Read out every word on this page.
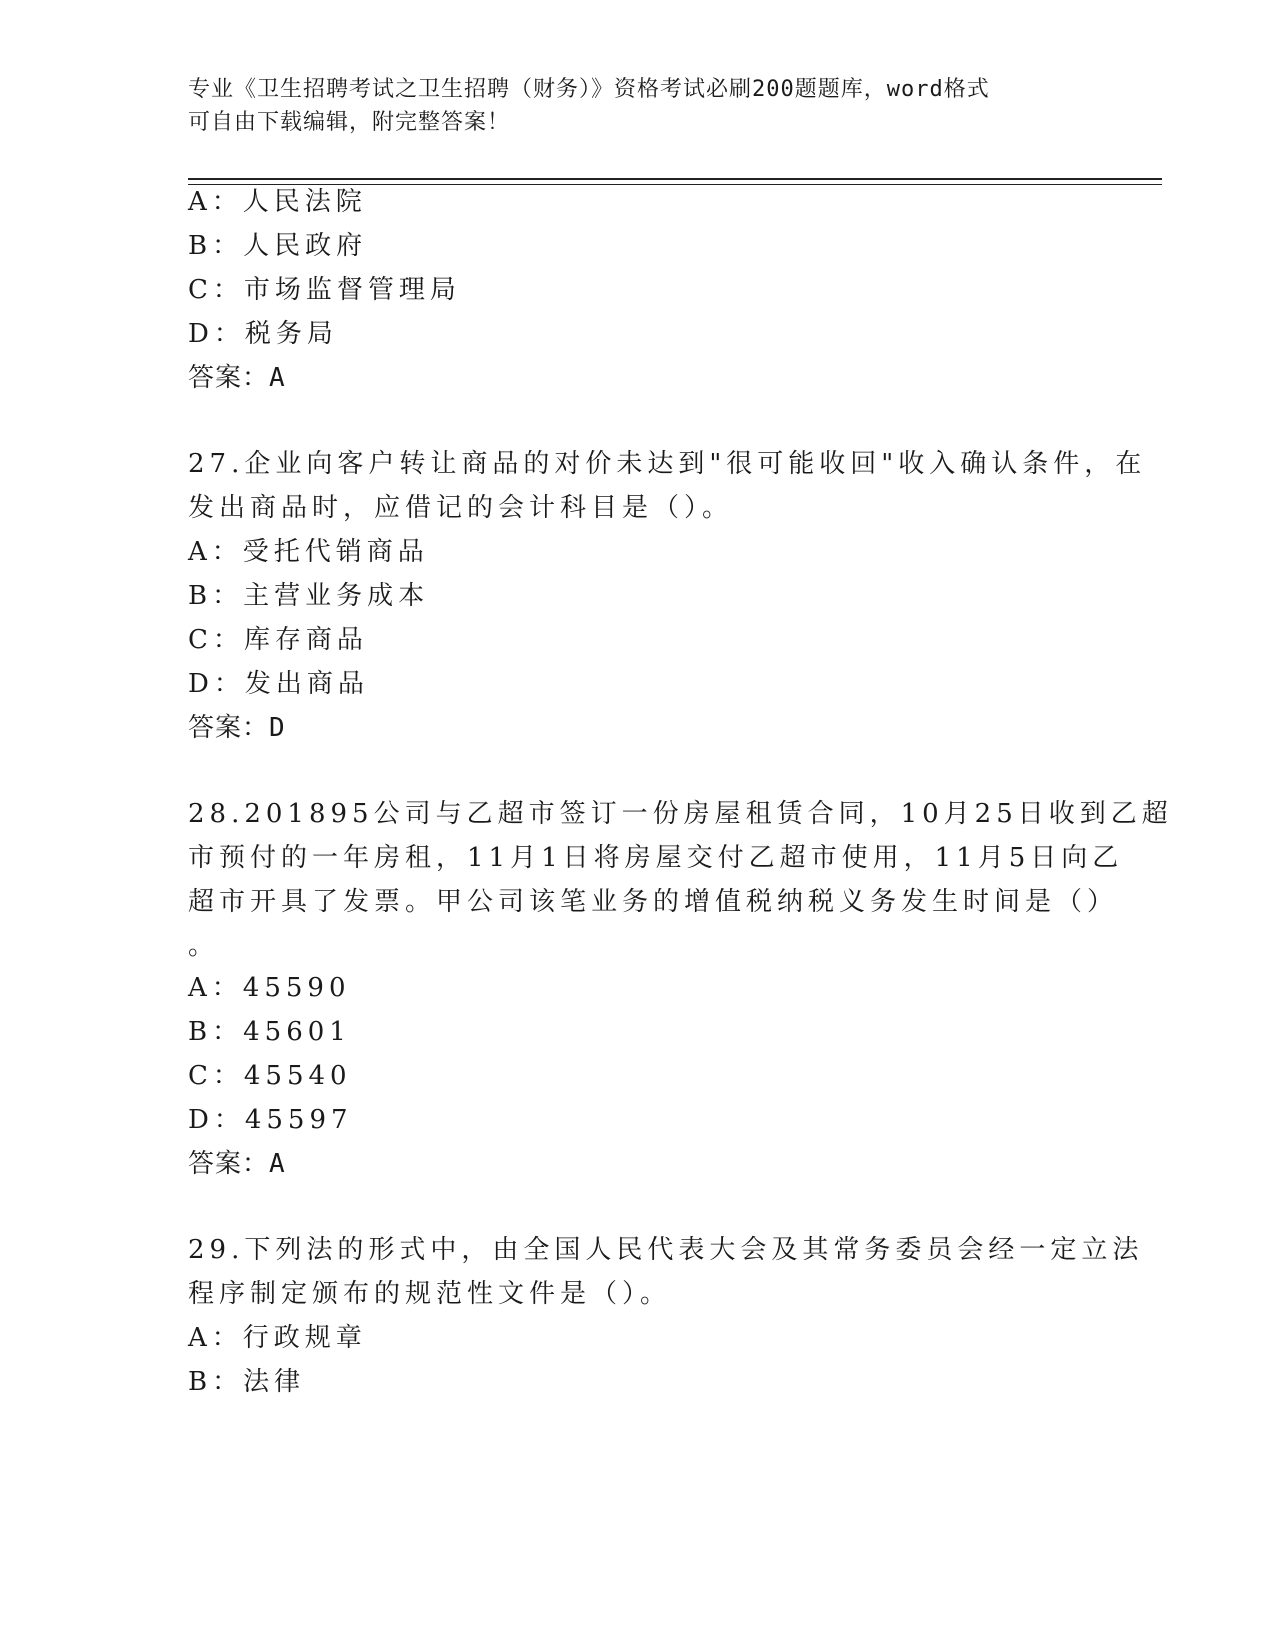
专业《卫生招聘考试之卫生招聘（财务）》资格考试必刷200题题库，word格式
可自由下载编辑，附完整答案！
A：人民法院
B：人民政府
C：市场监督管理局
D：税务局
答案：A
27.企业向客户转让商品的对价未达到"很可能收回"收入确认条件，在
发出商品时，应借记的会计科目是（）。
A：受托代销商品
B：主营业务成本
C：库存商品
D：发出商品
答案：D
28.201895公司与乙超市签订一份房屋租赁合同，10月25日收到乙超
市预付的一年房租，11月1日将房屋交付乙超市使用，11月5日向乙
超市开具了发票。甲公司该笔业务的增值税纳税义务发生时间是（）
。
A：45590
B：45601
C：45540
D：45597
答案：A
29.下列法的形式中，由全国人民代表大会及其常务委员会经一定立法
程序制定颁布的规范性文件是（）。
A：行政规章
B：法律
